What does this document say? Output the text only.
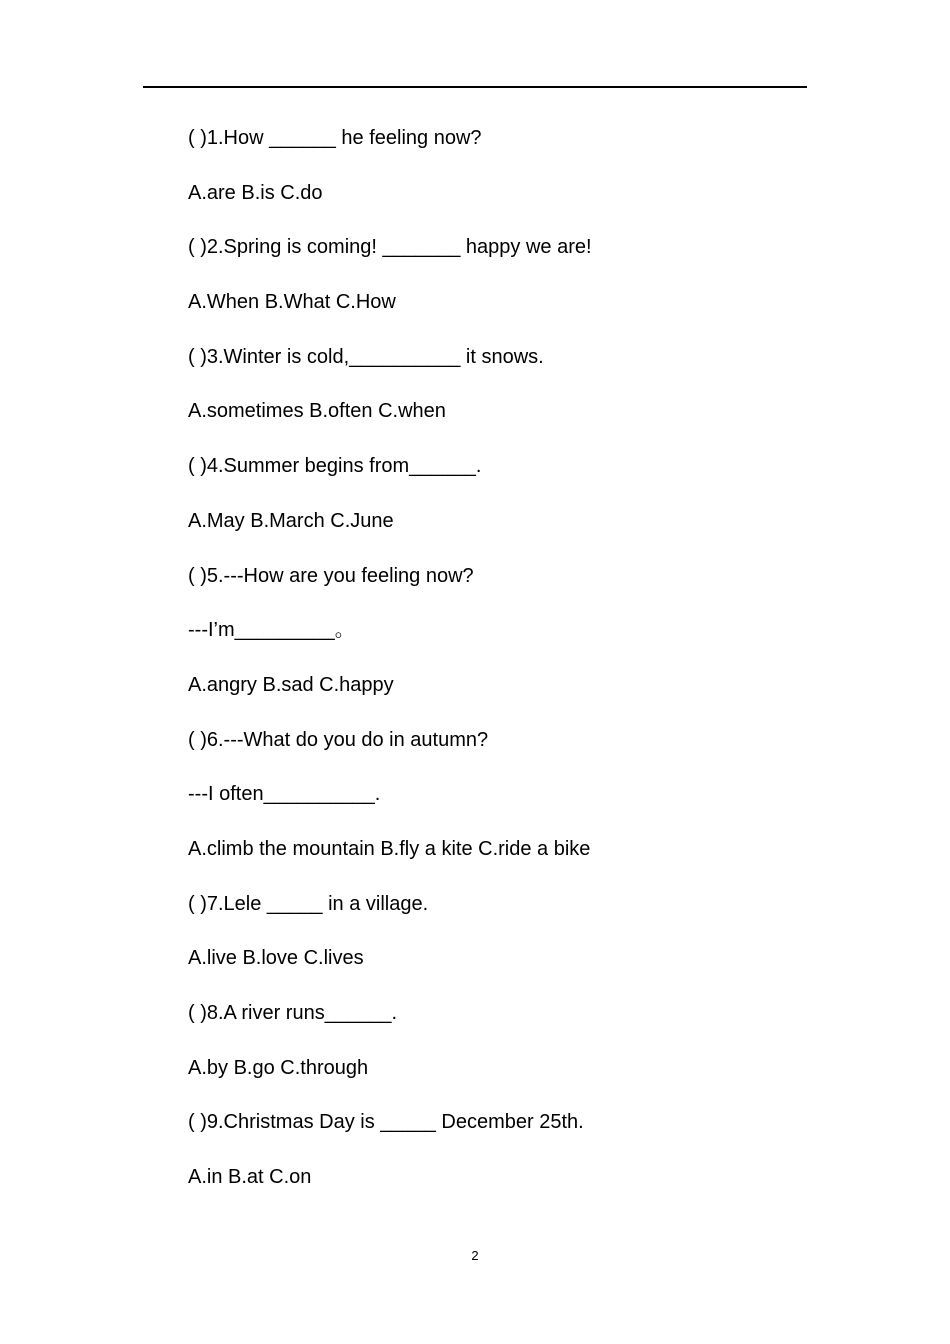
( )1.How ______ he feeling now?
A.are B.is C.do
( )2.Spring is coming! _______ happy we are!
A.When B.What C.How
( )3.Winter is cold,__________ it snows.
A.sometimes B.often C.when
( )4.Summer begins from______.
A.May B.March C.June
( )5.---How are you feeling now?
---I’m_________。
A.angry B.sad C.happy
( )6.---What do you do in autumn?
---I often__________.
A.climb the mountain B.fly a kite C.ride a bike
( )7.Lele _____ in a village.
A.live B.love C.lives
( )8.A river runs______.
A.by B.go C.through
( )9.Christmas Day is _____ December 25th.
A.in B.at C.on
2
